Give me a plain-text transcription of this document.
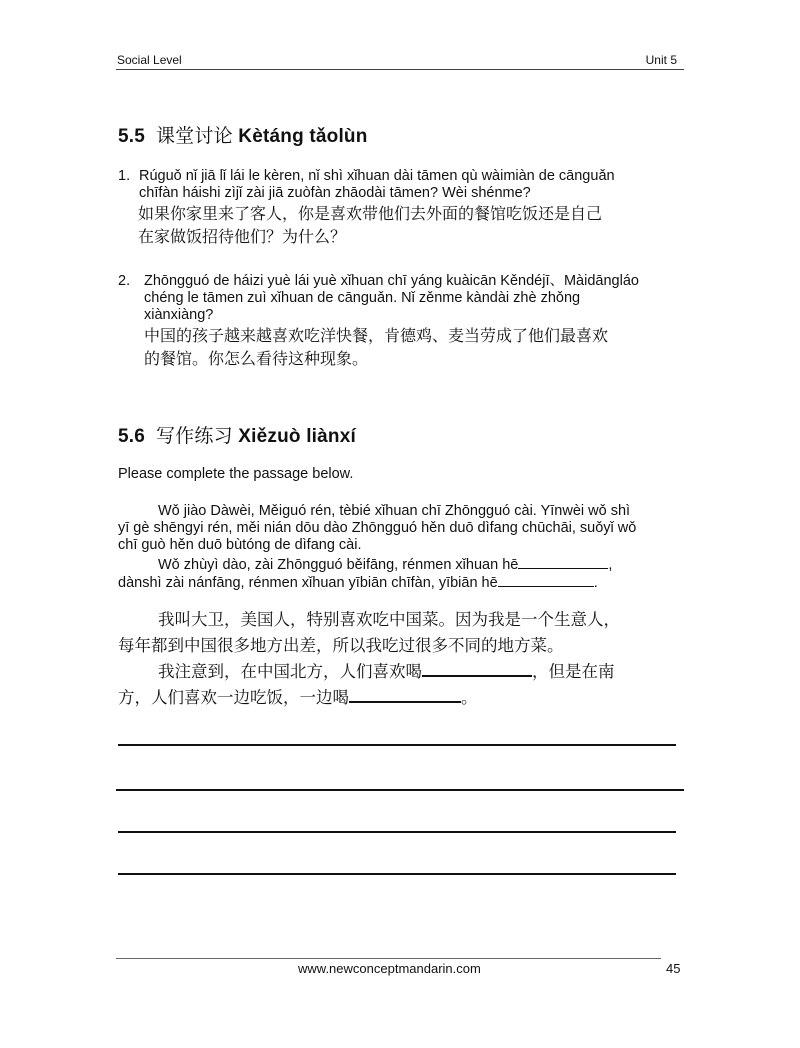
Social Level	Unit 5
5.5 课堂讨论 Kètáng tǎolùn
1. Rúguǒ nǐ jiā lǐ lái le kèren, nǐ shì xǐhuan dài tāmen qù wàimiàn de cānguǎn
chīfàn háishi zìjǐ zài jiā zuòfàn zhāodài tāmen? Wèi shénme?
如果你家里来了客人，你是喜欢带他们去外面的餐馆吃饭还是自己
在家做饭招待他们？为什么？
2. Zhōngguó de háizi yuè lái yuè xǐhuan chī yáng kuàicān Kěndéjī、Màidāngláo
chéng le tāmen zuì xǐhuan de cānguǎn. Nǐ zěnme kàndài zhè zhǒng
xiànxiàng?
中国的孩子越来越喜欢吃洋快餐，肯德鸡、麦当劳成了他们最喜欢
的餐馆。你怎么看待这种现象。
5.6 写作练习 Xiězuò liànxí
Please complete the passage below.
Wǒ jiào Dàwèi, Měiguó rén, tèbié xǐhuan chī Zhōngguó cài. Yīnwèi wǒ shì
yī gè shēngyi rén, měi nián dōu dào Zhōngguó hěn duō dìfang chūchāi, suǒyǐ wǒ
chī guò hěn duō bùtóng de dìfang cài.
Wǒ zhùyì dào, zài Zhōngguó běifāng, rénmen xǐhuan hē	,
dànshì zài nánfāng, rénmen xǐhuan yībiān chīfàn, yībiān hē	.
我叫大卫，美国人，特别喜欢吃中国菜。因为我是一个生意人，
每年都到中国很多地方出差，所以我吃过很多不同的地方菜。
我注意到，在中国北方，人们喜欢喝	，但是在南
方，人们喜欢一边吃饭，一边喝	。
www.newconceptmandarin.com	45
